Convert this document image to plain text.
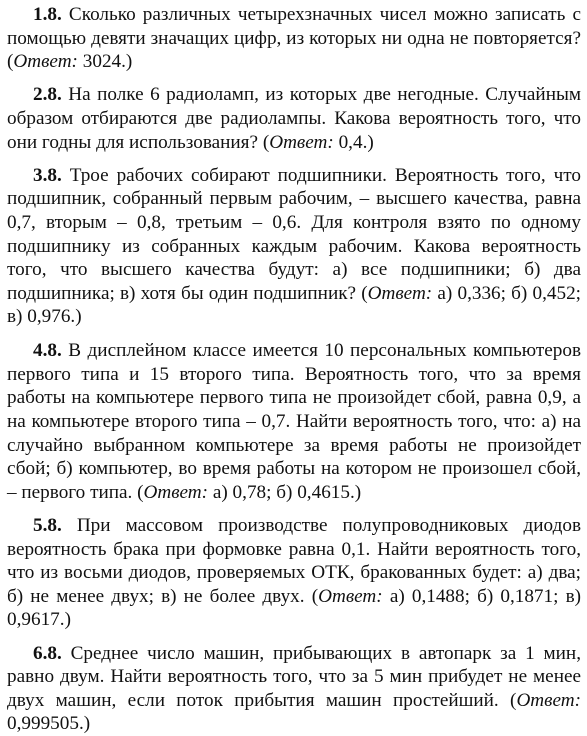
1.8. Сколько различных четырехзначных чисел можно записать с помощью девяти значащих цифр, из которых ни одна не повторяется? (Ответ: 3024.)

2.8. На полке 6 радиоламп, из которых две негодные. Случайным образом отбираются две радиолампы. Какова вероятность того, что они годны для использования? (Ответ: 0,4.)

3.8. Трое рабочих собирают подшипники. Вероятность того, что подшипник, собранный первым рабочим, – высшего качества, равна 0,7, вторым – 0,8, третьим – 0,6. Для контроля взято по одному подшипнику из собранных каждым рабочим. Какова вероятность того, что высшего качества будут: а) все подшипники; б) два подшипника; в) хотя бы один подшипник? (Ответ: а) 0,336; б) 0,452; в) 0,976.)

4.8. В дисплейном классе имеется 10 персональных компьютеров первого типа и 15 второго типа. Вероятность того, что за время работы на компьютере первого типа не произойдет сбой, равна 0,9, а на компьютере второго типа – 0,7. Найти вероятность того, что: а) на случайно выбранном компьютере за время работы не произойдет сбой; б) компьютер, во время работы на котором не произошел сбой, – первого типа. (Ответ: а) 0,78; б) 0,4615.)

5.8. При массовом производстве полупроводниковых диодов вероятность брака при формовке равна 0,1. Найти вероятность того, что из восьми диодов, проверяемых ОТК, бракованных будет: а) два; б) не менее двух; в) не более двух. (Ответ: а) 0,1488; б) 0,1871; в) 0,9617.)

6.8. Среднее число машин, прибывающих в автопарк за 1 мин, равно двум. Найти вероятность того, что за 5 мин прибудет не менее двух машин, если поток прибытия машин простейший. (Ответ: 0,999505.)
